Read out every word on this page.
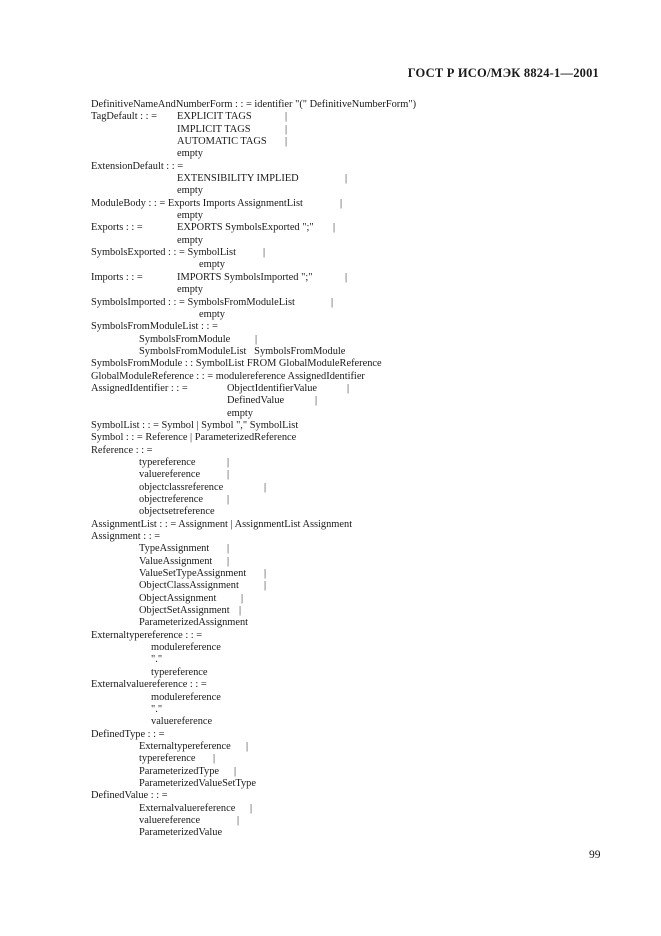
ГОСТ Р ИСО/МЭК 8824-1—2001
DefinitiveNameAndNumberForm : : = identifier "(" DefinitiveNumberForm")
TagDefault : : = EXPLICIT TAGS	|
IMPLICIT TAGS	|
AUTOMATIC TAGS |
empty
ExtensionDefault : : =
EXTENSIBILITY IMPLIED	|
empty
ModuleBody : : = Exports Imports AssignmentList	|
empty
Exports : : =	EXPORTS SymbolsExported ";" |
empty
SymbolsExported : : = SymbolList	|
empty
Imports : : =	IMPORTS SymbolsImported ";"	|
empty
SymbolsImported : : = SymbolsFromModuleList	|
empty
SymbolsFromModuleList : : =
SymbolsFromModule |
SymbolsFromModuleList   SymbolsFromModule
SymbolsFromModule : : SymbolList FROM GlobalModuleReference
GlobalModuleReference : : = modulereference AssignedIdentifier
AssignedIdentifier : : =	ObjectIdentifierValue	|
DefinedValue	|
empty
SymbolList : : = Symbol | Symbol "," SymbolList
Symbol : : = Reference | ParameterizedReference
Reference : : =
typereference	|
valuereference	|
objectclassreference	|
objectreference |
objectsetreference
AssignmentList : : = Assignment | AssignmentList Assignment
Assignment : : =
TypeAssignment |
ValueAssignment |
ValueSetTypeAssignment |
ObjectClassAssignment |
ObjectAssignment |
ObjectSetAssignment |
ParameterizedAssignment
Externaltypereference : : =
modulereference
"."
typereference
Externalvaluereference : : =
modulereference
"."
valuereference
DefinedType : : =
Externaltypereference |
typereference |
ParameterizedType |
ParameterizedValueSetType
DefinedValue : : =
Externalvaluereference |
valuereference	|
ParameterizedValue
99
